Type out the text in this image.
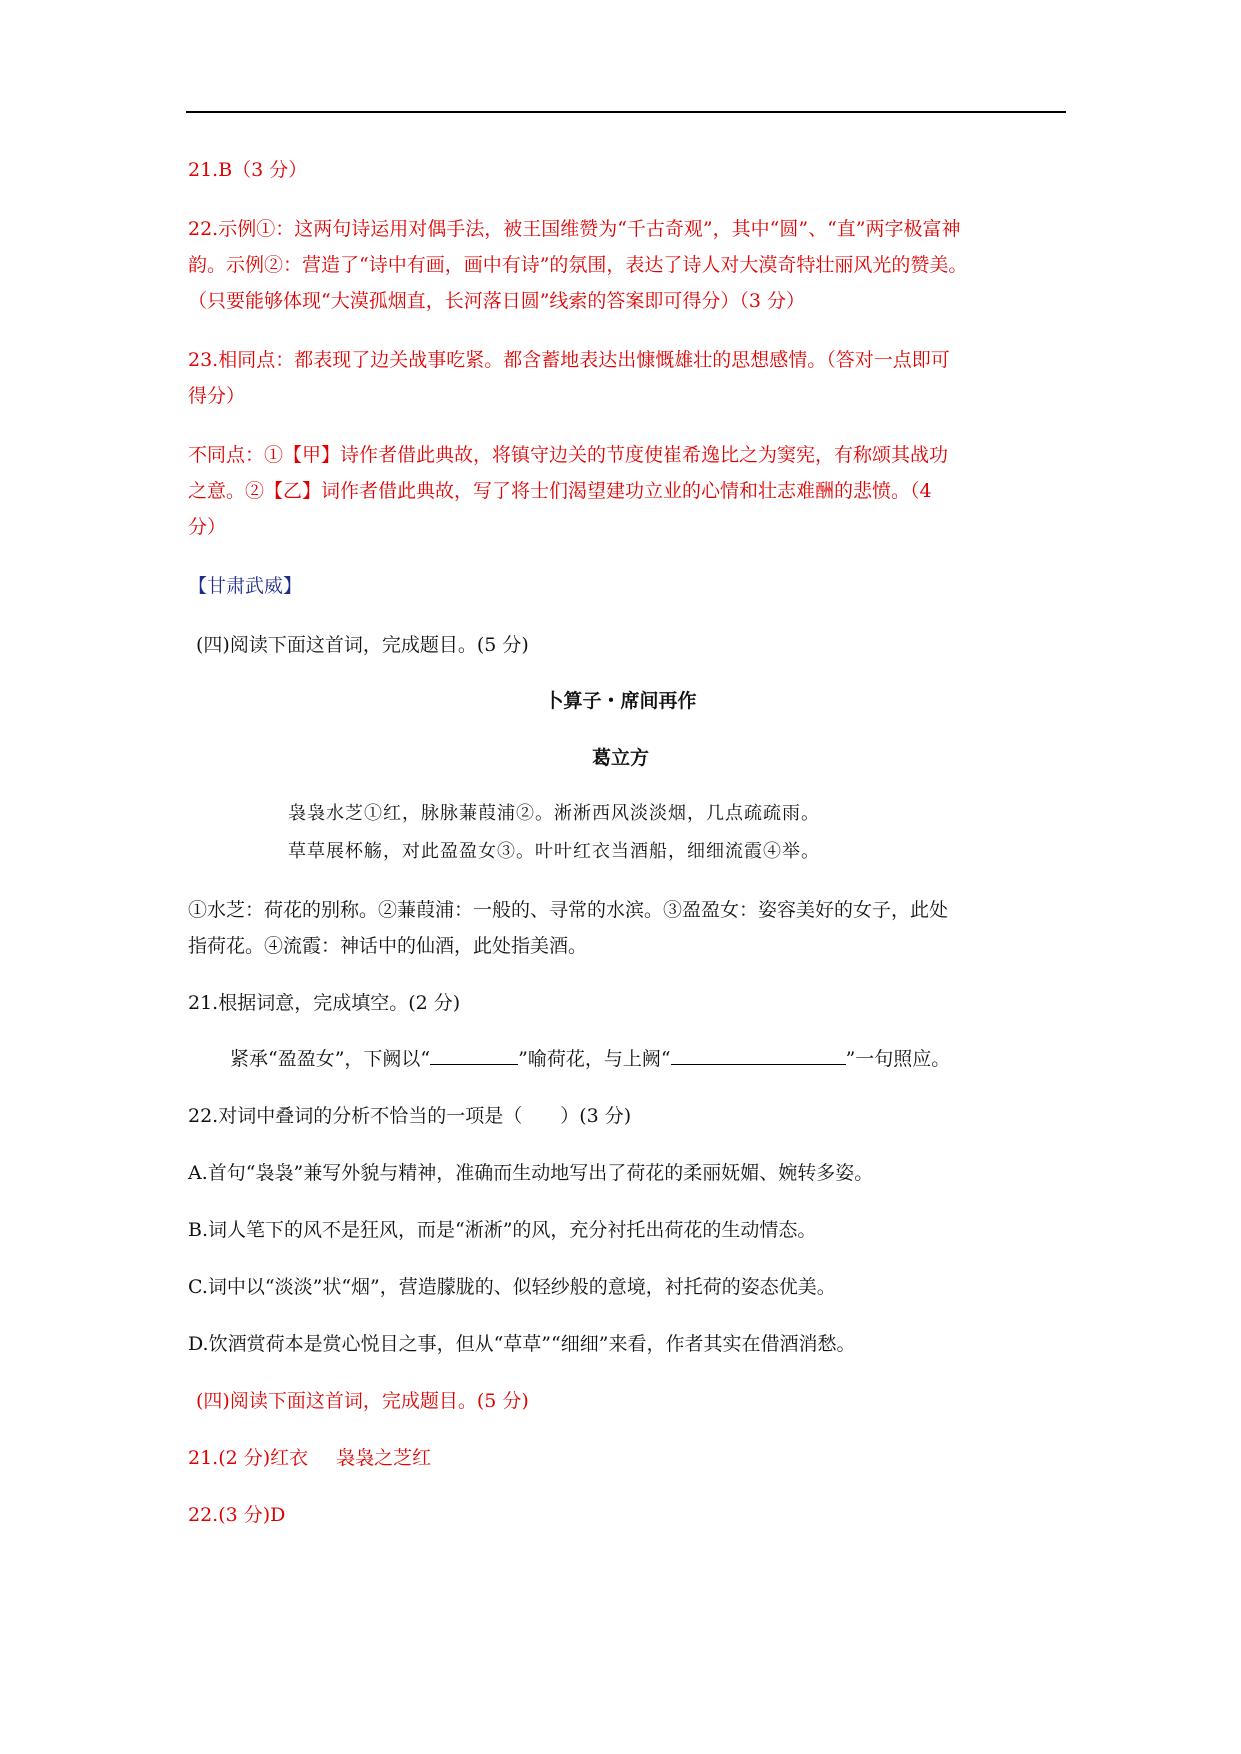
21.B（3 分）

22.示例①：这两句诗运用对偶手法，被王国维赞为“千古奇观”，其中“圆”、“直”两字极富神

韵。示例②：营造了“诗中有画，画中有诗”的氛围，表达了诗人对大漠奇特壮丽风光的赞美。

（只要能够体现“大漠孤烟直，长河落日圆”线索的答案即可得分）（3 分）

23.相同点：都表现了边关战事吃紧。都含蓄地表达出慷慨雄壮的思想感情。（答对一点即可

得分）

不同点：①【甲】诗作者借此典故，将镇守边关的节度使崔希逸比之为窦宪，有称颂其战功

之意。②【乙】词作者借此典故，写了将士们渴望建功立业的心情和壮志难酬的悲愤。（4

分）

【甘肃武威】

(四)阅读下面这首词，完成题目。(5 分)

卜算子・席间再作
葛立方
袅袅水芝①红，脉脉蒹葭浦②。淅淅西风淡淡烟，几点疏疏雨。
草草展杯觞，对此盈盈女③。叶叶红衣当酒船，细细流霞④举。

①水芝：荷花的别称。②蒹葭浦：一般的、寻常的水滨。③盈盈女：姿容美好的女子，此处

指荷花。④流霞：神话中的仙酒，此处指美酒。

21.根据词意，完成填空。(2 分)

紧承“盈盈女”，下阙以“	”喻荷花，与上阙“	”一句照应。

22.对词中叠词的分析不恰当的一项是（　　）(3 分)

A.首句“袅袅”兼写外貌与精神，准确而生动地写出了荷花的柔丽妩媚、婉转多姿。

B.词人笔下的风不是狂风，而是“淅淅”的风，充分衬托出荷花的生动情态。

C.词中以“淡淡”状“烟”，营造朦胧的、似轻纱般的意境，衬托荷的姿态优美。

D.饮酒赏荷本是赏心悦目之事，但从“草草”“细细”来看，作者其实在借酒消愁。

(四)阅读下面这首词，完成题目。(5 分)

21.(2 分)红衣 袅袅之芝红

22.(3 分)D
